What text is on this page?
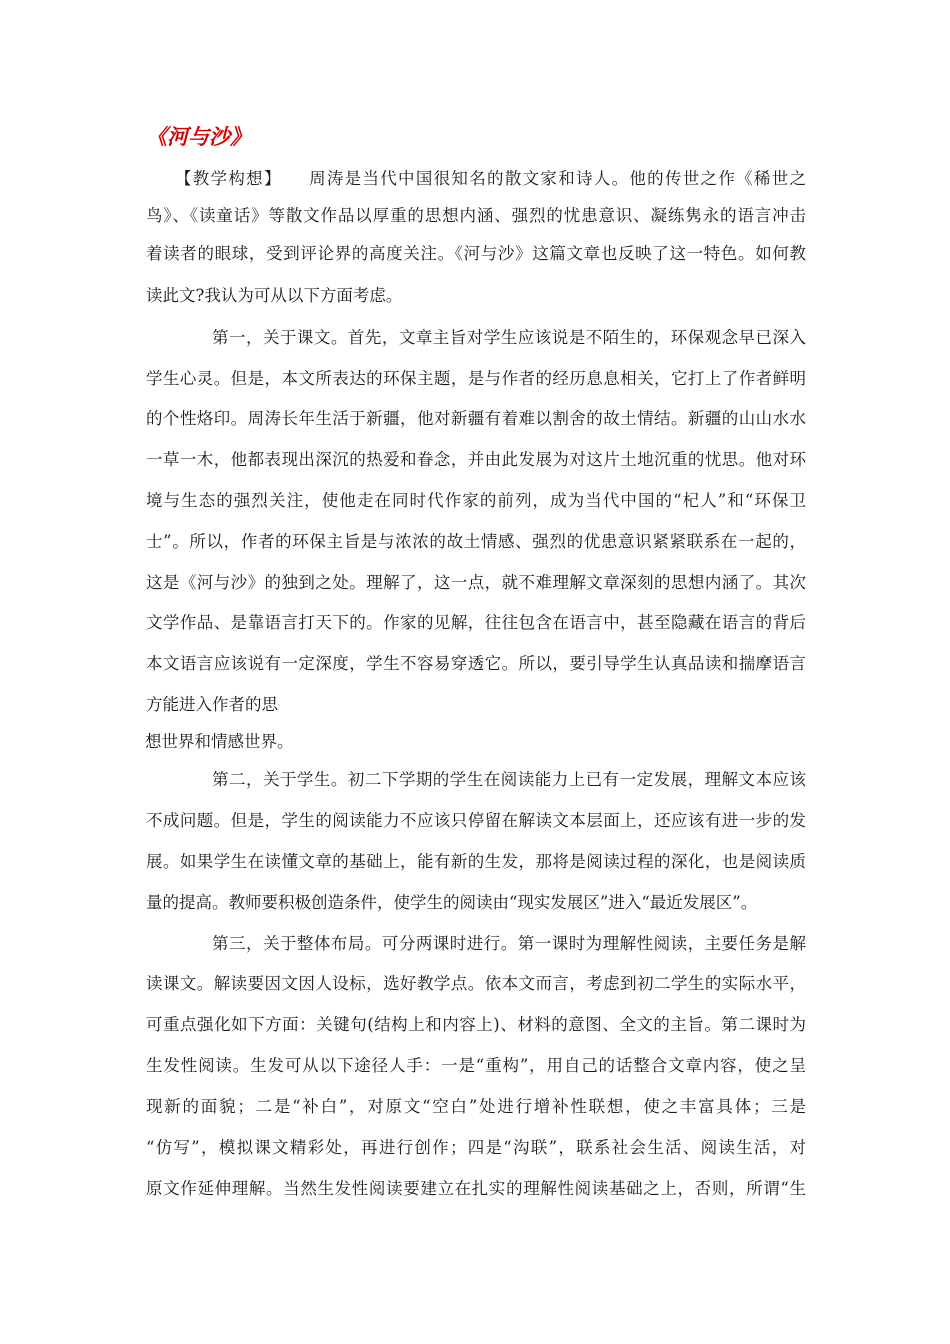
《河与沙》
【教学构想】　　周涛是当代中国很知名的散文家和诗人。他的传世之作《稀世之
鸟》、《读童话》等散文作品以厚重的思想内涵、强烈的忧患意识、凝练隽永的语言冲击
着读者的眼球，受到评论界的高度关注。《河与沙》这篇文章也反映了这一特色。如何教
读此文?我认为可从以下方面考虑。
第一，关于课文。首先，文章主旨对学生应该说是不陌生的，环保观念早已深入
学生心灵。但是，本文所表达的环保主题，是与作者的经历息息相关，它打上了作者鲜明
的个性烙印。周涛长年生活于新疆，他对新疆有着难以割舍的故土情结。新疆的山山水水
一草一木，他都表现出深沉的热爱和眷念，并由此发展为对这片土地沉重的忧思。他对环
境与生态的强烈关注，使他走在同时代作家的前列，成为当代中国的“杞人”和“环保卫
士”。所以，作者的环保主旨是与浓浓的故土情感、强烈的优患意识紧紧联系在一起的，
这是《河与沙》的独到之处。理解了，这一点，就不难理解文章深刻的思想内涵了。其次
文学作品、是靠语言打天下的。作家的见解，往往包含在语言中，甚至隐藏在语言的背后
本文语言应该说有一定深度，学生不容易穿透它。所以，要引导学生认真品读和揣摩语言
方能进入作者的思
想世界和情感世界。
第二，关于学生。初二下学期的学生在阅读能力上已有一定发展，理解文本应该
不成问题。但是，学生的阅读能力不应该只停留在解读文本层面上，还应该有进一步的发
展。如果学生在读懂文章的基础上，能有新的生发，那将是阅读过程的深化，也是阅读质
量的提高。教师要积极创造条件，使学生的阅读由“现实发展区”进入“最近发展区”。
第三，关于整体布局。可分两课时进行。第一课时为理解性阅读，主要任务是解
读课文。解读要因文因人设标，选好教学点。依本文而言，考虑到初二学生的实际水平，
可重点强化如下方面：关键句(结构上和内容上)、材料的意图、全文的主旨。第二课时为
生发性阅读。生发可从以下途径人手：一是“重构”，用自己的话整合文章内容，使之呈
现新的面貌；二是“补白”，对原文“空白”处进行增补性联想，使之丰富具体；三是
“仿写”，模拟课文精彩处，再进行创作；四是“沟联”，联系社会生活、阅读生活，对
原文作延伸理解。当然生发性阅读要建立在扎实的理解性阅读基础之上，否则，所谓“生
